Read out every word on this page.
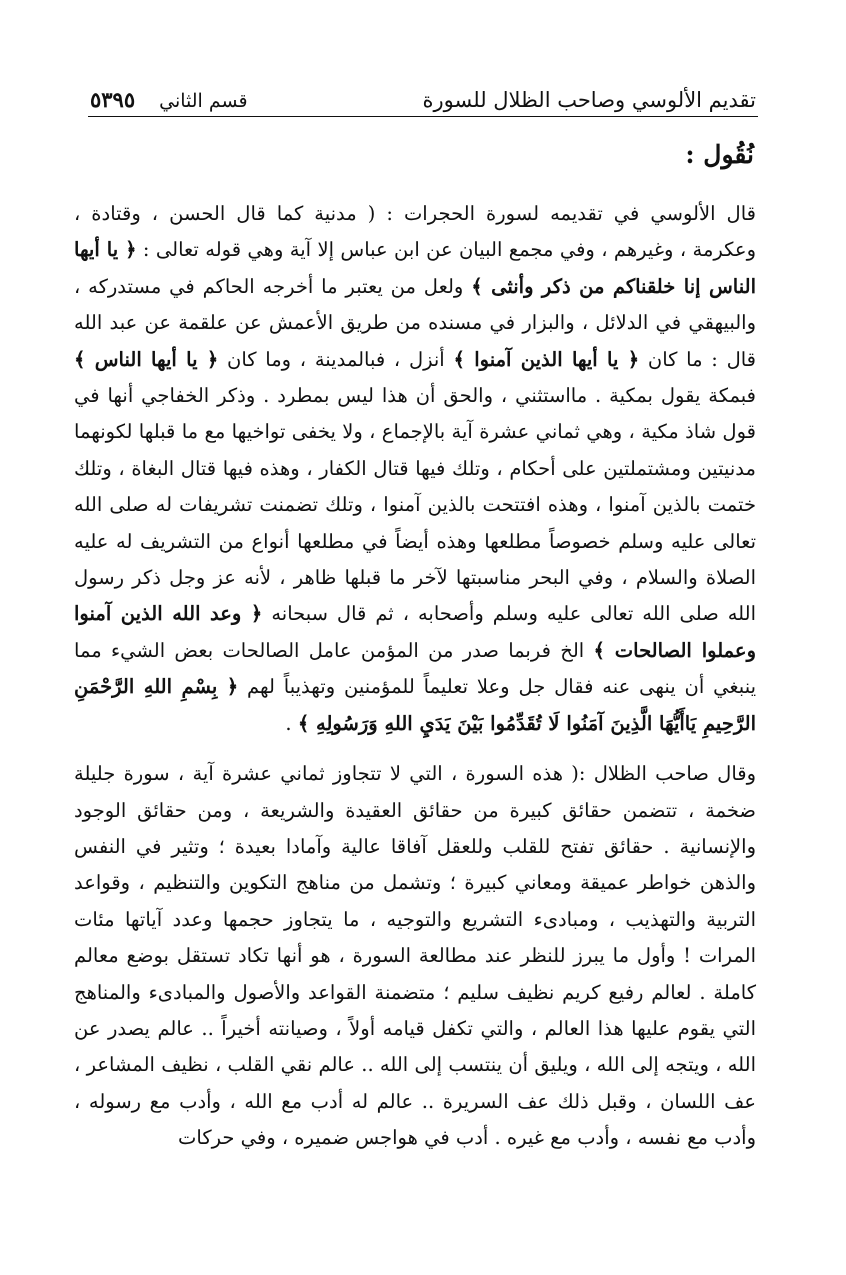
تقديم الألوسي وصاحب الظلال للسورة
قسم الثاني
٥٣٩٥
نُقُول :

قال الألوسي في تقديمه لسورة الحجرات : ( مدنية كما قال الحسن ، وقتادة ، وعكرمة ، وغيرهم ، وفي مجمع البيان عن ابن عباس إلا آية وهي قوله تعالى : ﴿ يا أيها الناس إنا خلقناكم من ذكر وأنثى ﴾ ولعل من يعتبر ما أخرجه الحاكم في مستدركه ، والبيهقي في الدلائل ، والبزار في مسنده من طريق الأعمش عن علقمة عن عبد الله قال : ما كان ﴿ يا أيها الذين آمنوا ﴾ أنزل ، فبالمدينة ، وما كان ﴿ يا أيها الناس ﴾ فبمكة يقول بمكية . مااستثني ، والحق أن هذا ليس بمطرد . وذكر الخفاجي أنها في قول شاذ مكية ، وهي ثماني عشرة آية بالإجماع ، ولا يخفى تواخيها مع ما قبلها لكونهما مدنيتين ومشتملتين على أحكام ، وتلك فيها قتال الكفار ، وهذه فيها قتال البغاة ، وتلك ختمت بالذين آمنوا ، وهذه افتتحت بالذين آمنوا ، وتلك تضمنت تشريفات له صلى الله تعالى عليه وسلم خصوصاً مطلعها وهذه أيضاً في مطلعها أنواع من التشريف له عليه الصلاة والسلام ، وفي البحر مناسبتها لآخر ما قبلها ظاهر ، لأنه عز وجل ذكر رسول الله صلى الله تعالى عليه وسلم وأصحابه ، ثم قال سبحانه ﴿ وعد الله الذين آمنوا وعملوا الصالحات ﴾ الخ فربما صدر من المؤمن عامل الصالحات بعض الشيء مما ينبغي أن ينهى عنه فقال جل وعلا تعليماً للمؤمنين وتهذيباً لهم ﴿ بِسْمِ اللهِ الرَّحْمَنِ الرَّحِيمِ يَاأَيُّهَا الَّذِينَ آمَنُوا لَا تُقَدِّمُوا بَيْنَ يَدَيِ اللهِ وَرَسُولِهِ ﴾ .

وقال صاحب الظلال :( هذه السورة ، التي لا تتجاوز ثماني عشرة آية ، سورة جليلة ضخمة ، تتضمن حقائق كبيرة من حقائق العقيدة والشريعة ، ومن حقائق الوجود والإنسانية . حقائق تفتح للقلب وللعقل آفاقا عالية وآمادا بعيدة ؛ وتثير في النفس والذهن خواطر عميقة ومعاني كبيرة ؛ وتشمل من مناهج التكوين والتنظيم ، وقواعد التربية والتهذيب ، ومبادىء التشريع والتوجيه ، ما يتجاوز حجمها وعدد آياتها مئات المرات ! وأول ما يبرز للنظر عند مطالعة السورة ، هو أنها تكاد تستقل بوضع معالم كاملة . لعالم رفيع كريم نظيف سليم ؛ متضمنة القواعد والأصول والمبادىء والمناهج التي يقوم عليها هذا العالم ، والتي تكفل قيامه أولاً ، وصيانته أخيراً .. عالم يصدر عن الله ، ويتجه إلى الله ، ويليق أن ينتسب إلى الله .. عالم نقي القلب ، نظيف المشاعر ، عف اللسان ، وقبل ذلك عف السريرة .. عالم له أدب مع الله ، وأدب مع رسوله ، وأدب مع نفسه ، وأدب مع غيره . أدب في هواجس ضميره ، وفي حركات
